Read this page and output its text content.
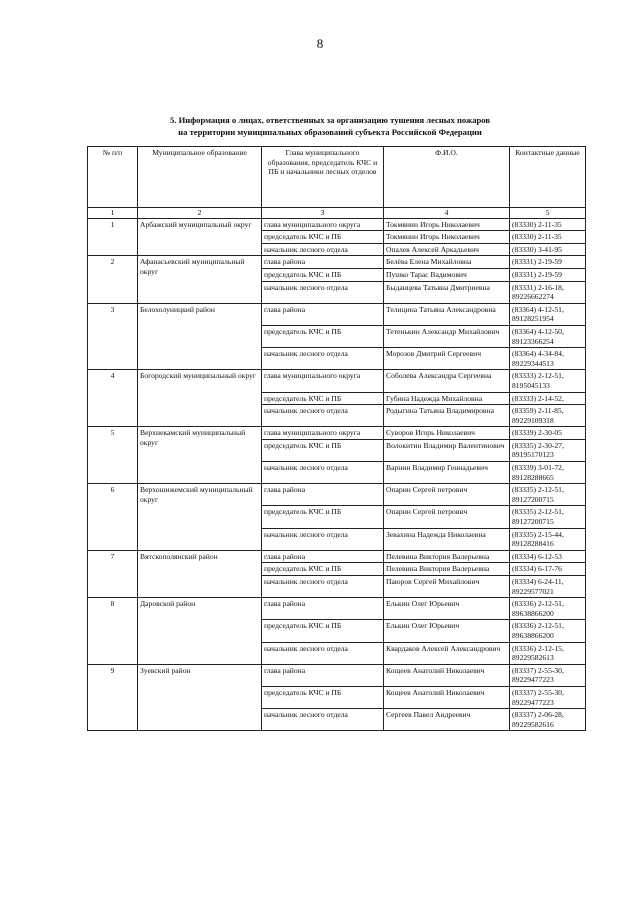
8
5. Информация о лицах, ответственных за организацию тушения лесных пожаров
на территории муниципальных образований субъекта Российской Федерации
№ п/п	Муниципальное образование	Глава муниципального образования, председатель КЧС и ПБ и начальники лесных отделов	Ф.И.О.	Контактные данные
1	2	3	4	5
1	Арбажский муниципальный округ	глава муниципального округа	Токмянин Игорь Николаевич	(83330) 2-11-35
		председатель КЧС и ПБ	Токмянин Игорь Николаевич	(83330) 2-11-35
		начальник лесного отдела	Опалев Алексей Аркадьевич	(83330) 3-41-95
2	Афанасьевский муниципальный округ	глава района	Белёва Елена Михайловна	(83331) 2-19-59
		председатель КЧС и ПБ	Пушко Тарас Вадимович	(83331) 2-19-59
		начальник лесного отдела	Быданцева Татьяна Дмитриевна	(83331) 2-16-18, 89226662274
3	Белохолуницкий район	глава района	Телицина Татьяна Александровна	(83364) 4-12-51, 89128251954
		председатель КЧС и ПБ	Тетенькин Александр Михайлович	(83364) 4-12-50, 89123366254
		начальник лесного отдела	Морозов Дмитрий Сергеевич	(83364) 4-34-84, 89229344513
4	Богородский муниципальный округ	глава муниципального округа	Соболева Александра Сергеевна	(83333) 2-12-51, 8195045133
		председатель КЧС и ПБ	Губина Надежда Михайловна	(83333) 2-14-52,
		начальник лесного отдела	Родыгина Татьяна Владимировна	(83359) 2-11-85, 89229109318
5	Верхнекамский муниципальный округ	глава муниципального округа	Суворов Игорь Николаевич	(83339) 2-30-05
		председатель КЧС и ПБ	Волокитин Владимир Валентинович	(83335) 2-30-27, 89195170123
		начальник лесного отдела	Варнин Владимир Геннадьевич	(83339) 3-01-72, 89128288665
6	Верхошижемский муниципальный округ	глава района	Опарин Сергей петрович	(83335) 2-12-51, 89127200715
		председатель КЧС и ПБ	Опарин Сергей петрович	(83335) 2-12-51, 89127200715
		начальник лесного отдела	Зевахина Надежда Николаевна	(83335) 2-15-44, 89128288416
7	Вятскополянский район	глава района	Пелевина Виктория Валерьевна	(83334) 6-12-53
		председатель КЧС и ПБ	Пелевина Виктория Валерьевна	(83334) 6-17-76
		начальник лесного отдела	Паюров Сергей Михайлович	(83334) 6-24-11, 89229577021
8	Даровской район	глава района	Елькин Олег Юрьевич	(83336) 2-12-51, 89638866200
		председатель КЧС и ПБ	Елькин Олег Юрьевич	(83336) 2-12-51, 89638866200
		начальник лесного отдела	Квардаков Алексей Александрович	(83336) 2-12-15, 89229582613
9	Зуевский район	глава района	Кощеев Анатолий Николаевич	(83337) 2-55-30, 89229477223
		председатель КЧС и ПБ	Кощеев Анатолий Николаевич	(83337) 2-55-30, 89229477223
		начальник лесного отдела	Сергеев Павел Андреевич	(83337) 2-06-28, 89229582616
